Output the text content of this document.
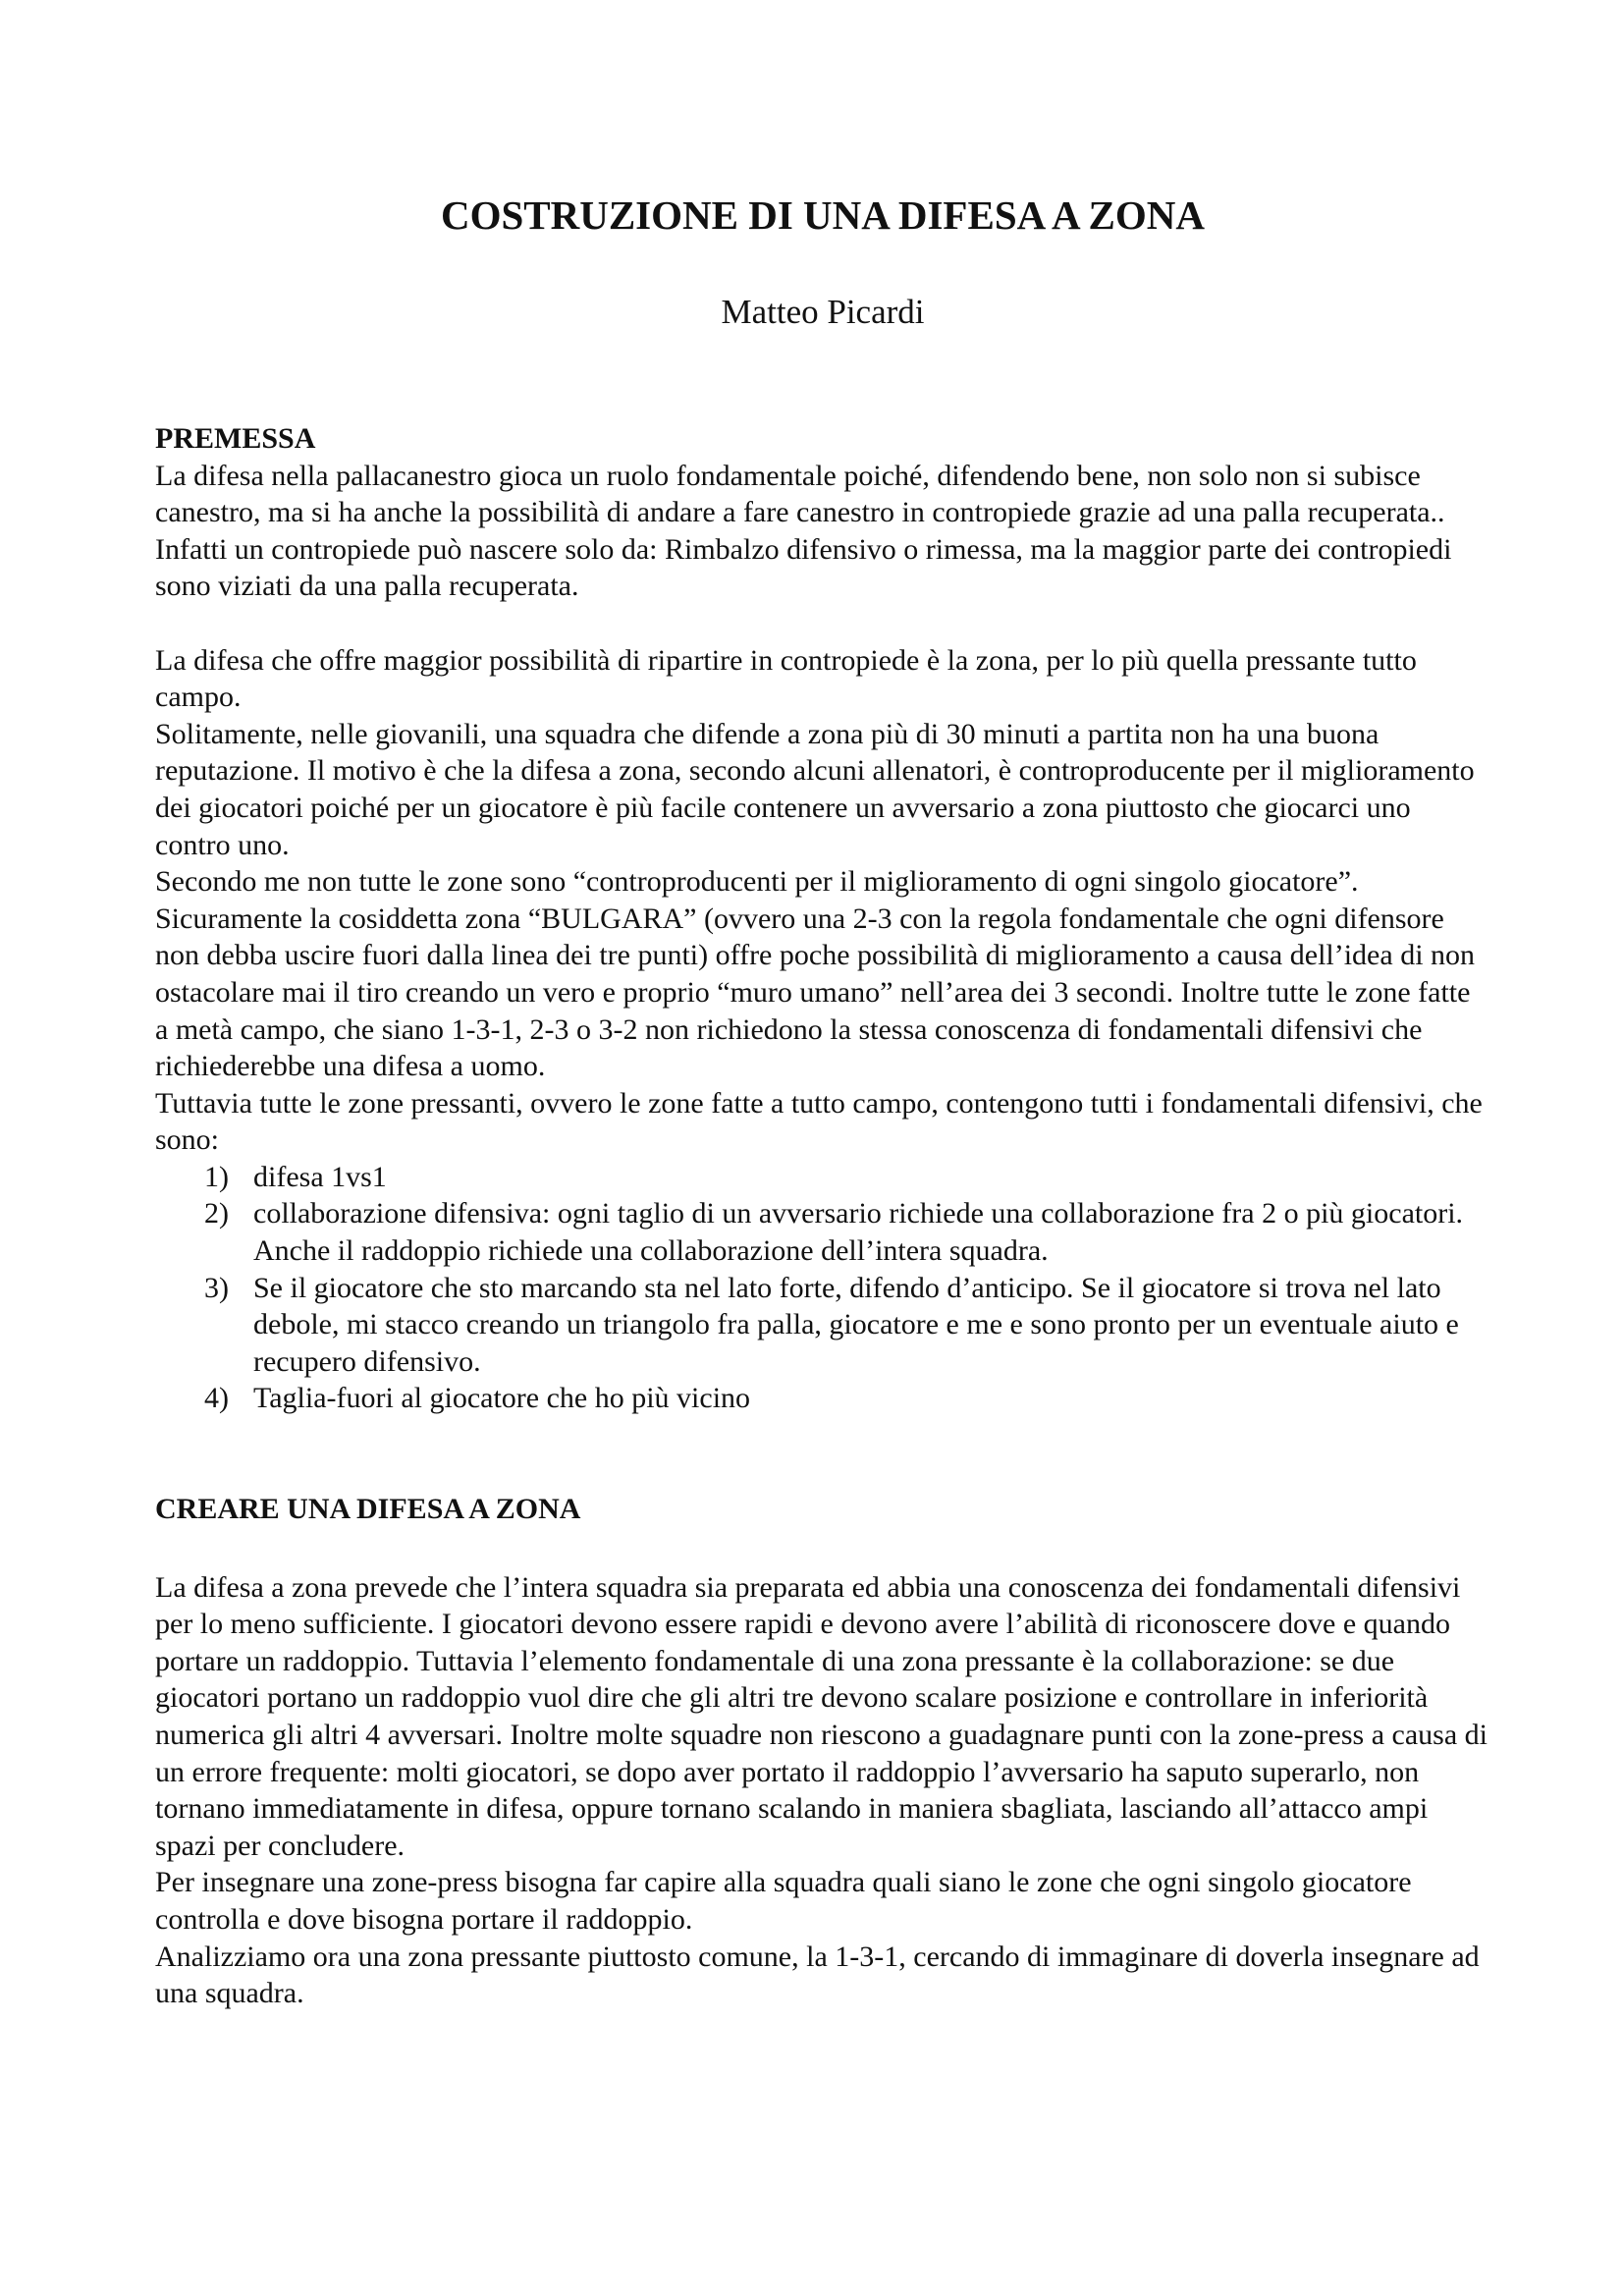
COSTRUZIONE DI UNA DIFESA A ZONA
Matteo Picardi
PREMESSA

La difesa nella pallacanestro gioca un ruolo fondamentale poiché, difendendo bene, non solo non si subisce canestro, ma si ha anche la possibilità di andare a fare canestro in contropiede grazie ad una palla recuperata.. Infatti un contropiede può nascere solo da: Rimbalzo difensivo o rimessa, ma la maggior parte dei contropiedi sono viziati da una palla recuperata.

La difesa che offre maggior possibilità di ripartire in contropiede è la zona, per lo più quella pressante tutto campo.

Solitamente, nelle giovanili, una squadra che difende a zona più di 30 minuti a partita non ha una buona reputazione. Il motivo è che la difesa a zona, secondo alcuni allenatori, è controproducente per il miglioramento dei giocatori poiché per un giocatore è più facile contenere un avversario a zona piuttosto che giocarci uno contro uno.

Secondo me non tutte le zone sono “controproducenti per il miglioramento di ogni singolo giocatore”. Sicuramente la cosiddetta zona “BULGARA” (ovvero una 2-3 con la regola fondamentale che ogni difensore non debba uscire fuori dalla linea dei tre punti) offre poche possibilità di miglioramento a causa dell’idea di non ostacolare mai il tiro creando un vero e proprio “muro umano” nell’area dei 3 secondi. Inoltre tutte le zone fatte a metà campo, che siano 1-3-1, 2-3 o 3-2 non richiedono la stessa conoscenza di fondamentali difensivi che richiederebbe una difesa a uomo.

Tuttavia tutte le zone pressanti, ovvero le zone fatte a tutto campo, contengono tutti i fondamentali difensivi, che sono:

1) difesa 1vs1
2) collaborazione difensiva: ogni taglio di un avversario richiede una collaborazione fra 2 o più giocatori. Anche il raddoppio richiede una collaborazione dell’intera squadra.
3) Se il giocatore che sto marcando sta nel lato forte, difendo d’anticipo. Se il giocatore si trova nel lato debole, mi stacco creando un triangolo fra palla, giocatore e me e sono pronto per un eventuale aiuto e recupero difensivo.
4) Taglia-fuori al giocatore che ho più vicino
CREARE UNA DIFESA A ZONA

La difesa a zona prevede che l’intera squadra sia preparata ed abbia una conoscenza dei fondamentali difensivi per lo meno sufficiente. I giocatori devono essere rapidi e devono avere l’abilità di riconoscere dove e quando portare un raddoppio. Tuttavia l’elemento fondamentale di una zona pressante è la collaborazione: se due giocatori portano un raddoppio vuol dire che gli altri tre devono scalare posizione e controllare in inferiorità numerica gli altri 4 avversari. Inoltre molte squadre non riescono a guadagnare punti con la zone-press a causa di un errore frequente: molti giocatori, se dopo aver portato il raddoppio l’avversario ha saputo superarlo, non tornano immediatamente in difesa, oppure tornano scalando in maniera sbagliata, lasciando all’attacco ampi spazi per concludere.

Per insegnare una zone-press bisogna far capire alla squadra quali siano le zone che ogni singolo giocatore controlla e dove bisogna portare il raddoppio.

Analizziamo ora una zona pressante piuttosto comune, la 1-3-1, cercando di immaginare di doverla insegnare ad una squadra.
